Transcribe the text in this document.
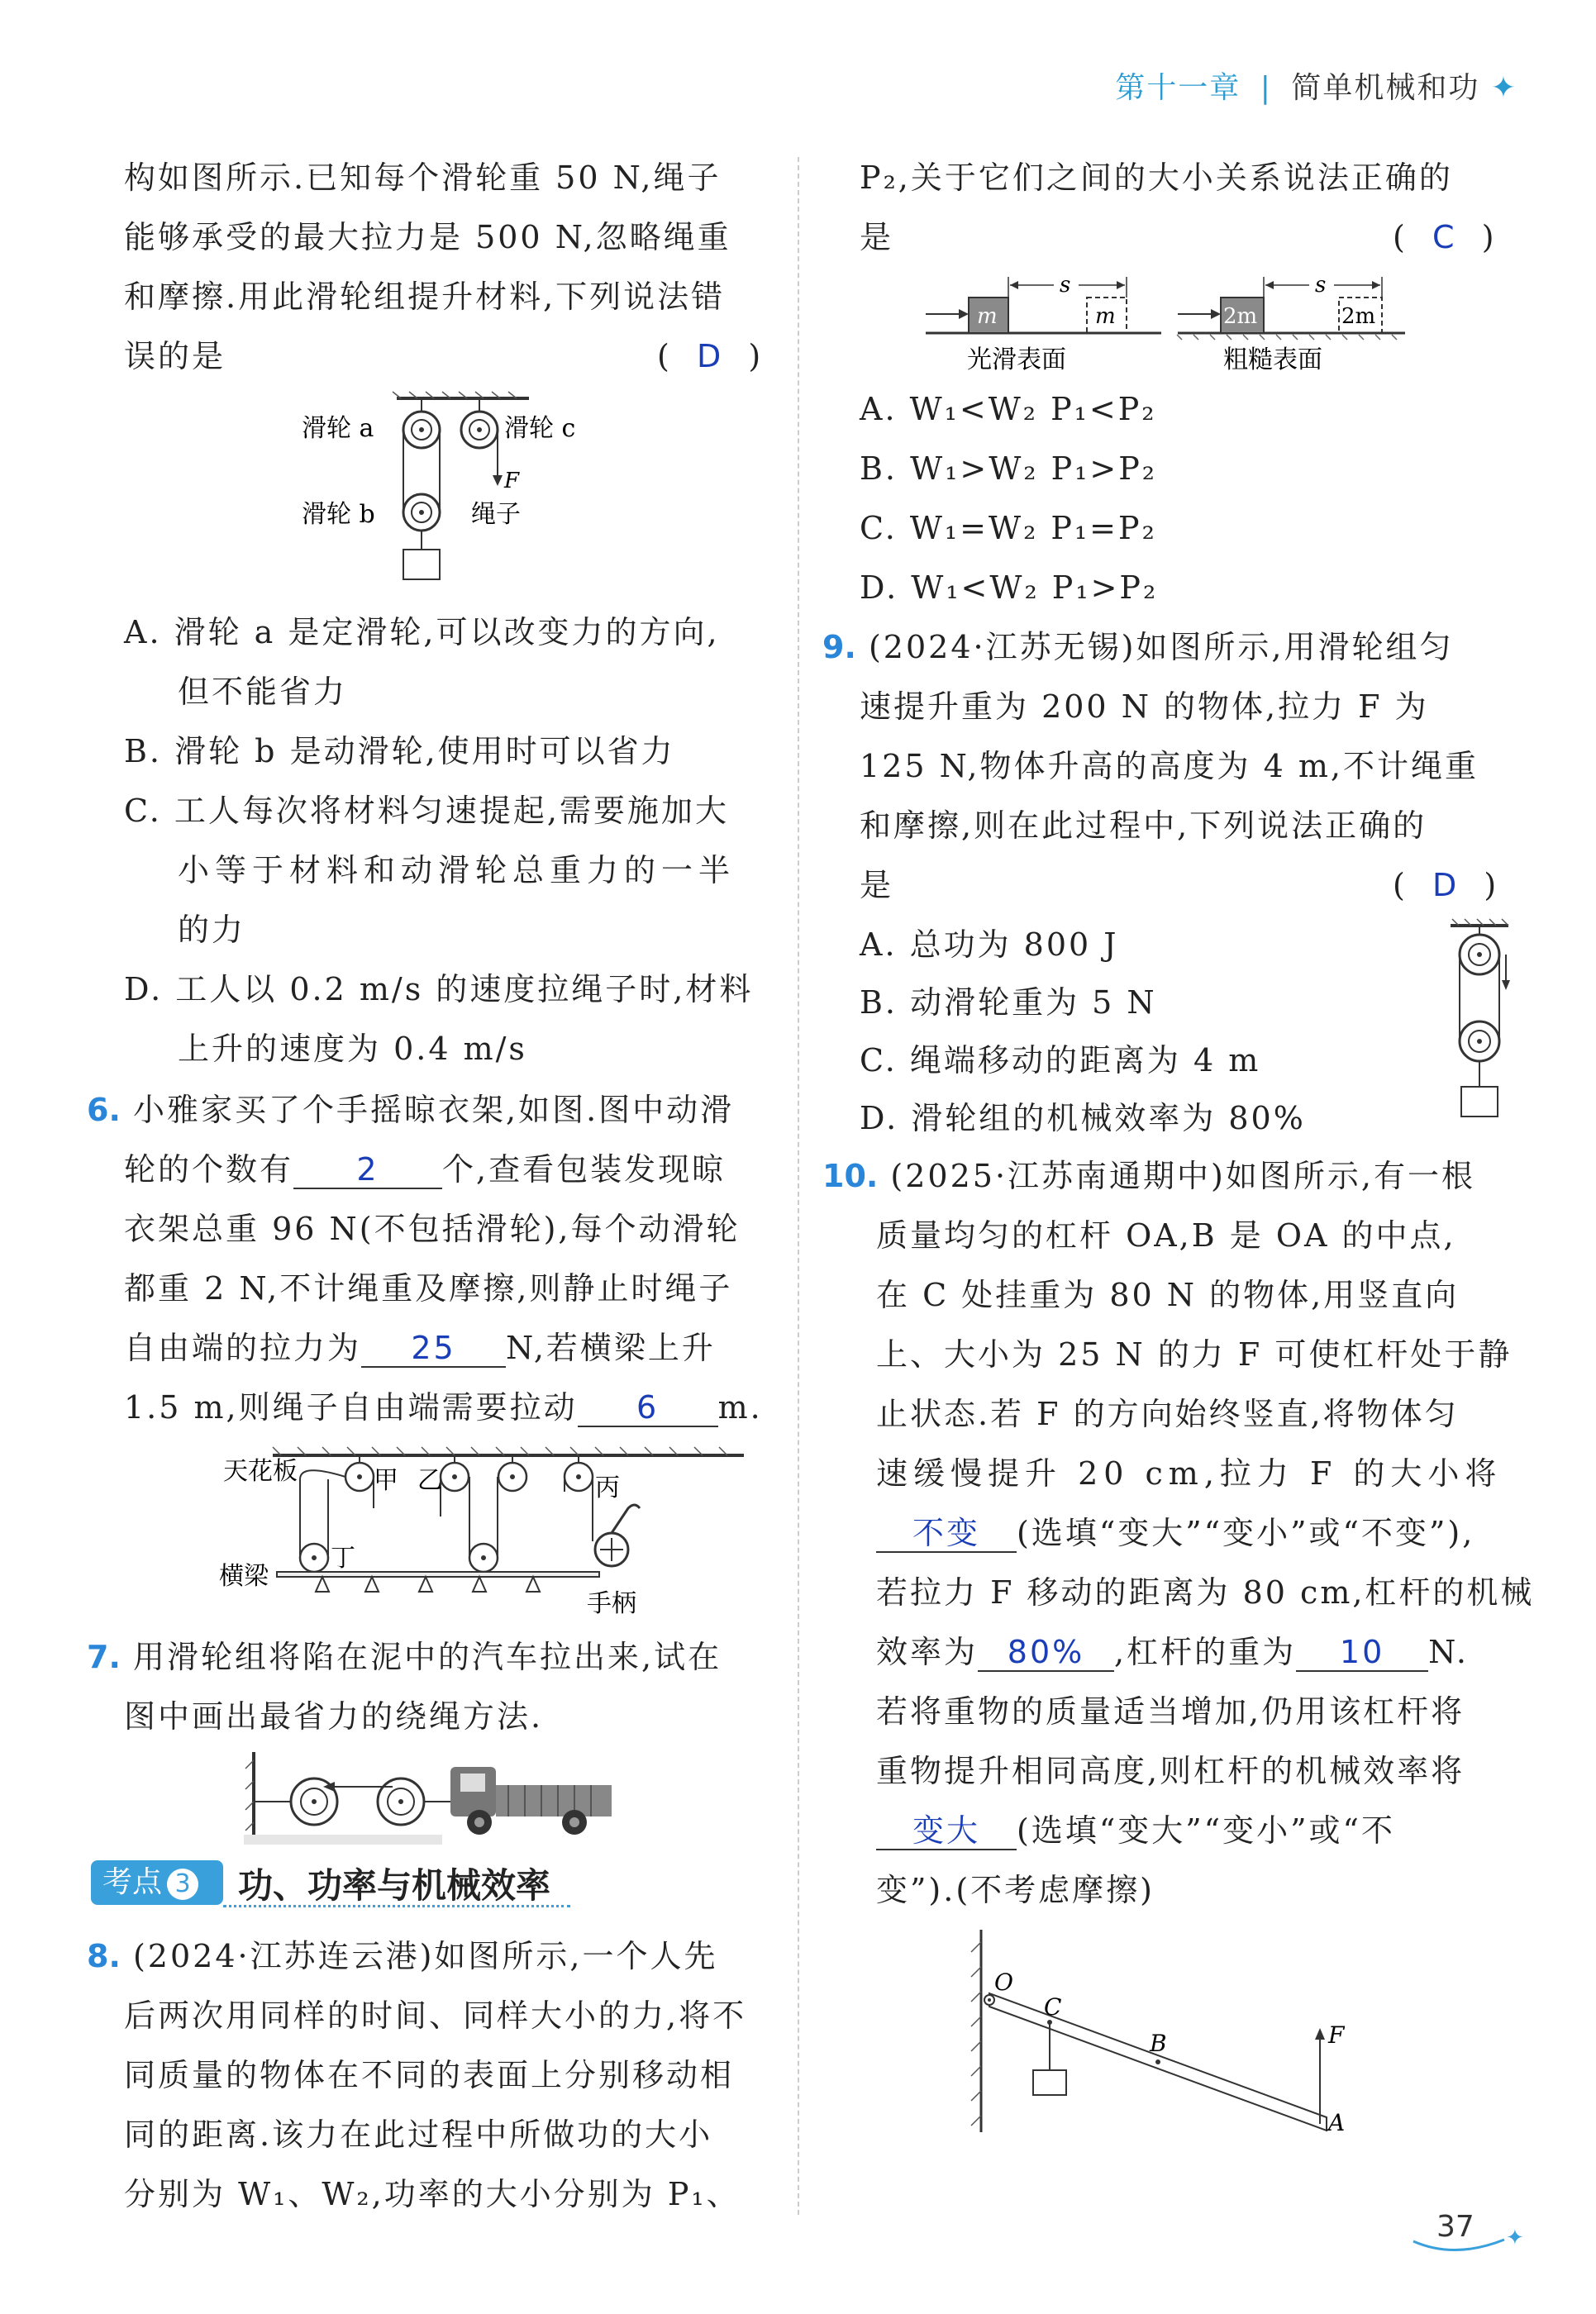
第十一章 | 简单机械和功 ✦
构如图所示.已知每个滑轮重 50 N,绳子
能够承受的最大拉力是 500 N,忽略绳重
和摩擦.用此滑轮组提升材料,下列说法错
误的是	(  D  )
滑轮 a	滑轮 c
滑轮 b	绳子
F
A. 滑轮 a 是定滑轮,可以改变力的方向,
但不能省力
B. 滑轮 b 是动滑轮,使用时可以省力
C. 工人每次将材料匀速提起,需要施加大
小等于材料和动滑轮总重力的一半
的力
D. 工人以 0.2 m/s 的速度拉绳子时,材料
上升的速度为 0.4 m/s
6. 小雅家买了个手摇晾衣架,如图.图中动滑
轮的个数有 2 个,查看包装发现晾
衣架总重 96 N(不包括滑轮),每个动滑轮
都重 2 N,不计绳重及摩擦,则静止时绳子
自由端的拉力为 25 N,若横梁上升
1.5 m,则绳子自由端需要拉动 6 m.
天花板	甲 乙	丙
丁
横梁
手柄
7. 用滑轮组将陷在泥中的汽车拉出来,试在
图中画出最省力的绕绳方法.
考点 3	功、功率与机械效率
8. (2024·江苏连云港)如图所示,一个人先
后两次用同样的时间、同样大小的力,将不
同质量的物体在不同的表面上分别移动相
同的距离.该力在此过程中所做功的大小
分别为 W₁、W₂,功率的大小分别为 P₁、
P₂,关于它们之间的大小关系说法正确的
是	(  C  )
m	m
s
光滑表面
2m	2m
s
粗糙表面
A. W₁<W₂ P₁<P₂
B. W₁>W₂ P₁>P₂
C. W₁=W₂ P₁=P₂
D. W₁<W₂ P₁>P₂
9. (2024·江苏无锡)如图所示,用滑轮组匀
速提升重为 200 N 的物体,拉力 F 为
125 N,物体升高的高度为 4 m,不计绳重
和摩擦,则在此过程中,下列说法正确的
是	(  D  )
A. 总功为 800 J
B. 动滑轮重为 5 N
C. 绳端移动的距离为 4 m
D. 滑轮组的机械效率为 80%
10. (2025·江苏南通期中)如图所示,有一根
质量均匀的杠杆 OA,B 是 OA 的中点,
在 C 处挂重为 80 N 的物体,用竖直向
上、大小为 25 N 的力 F 可使杠杆处于静
止状态.若 F 的方向始终竖直,将物体匀
速缓慢提升 20 cm,拉力 F 的大小将
不变 (选填“变大”“变小”或“不变”),
若拉力 F 移动的距离为 80 cm,杠杆的机械
效率为 80% ,杠杆的重为 10 N.
若将重物的质量适当增加,仍用该杠杆将
重物提升相同高度,则杠杆的机械效率将
变大 (选填“变大”“变小”或“不
变”).(不考虑摩擦)
O
C
B
A
F
✦
37
